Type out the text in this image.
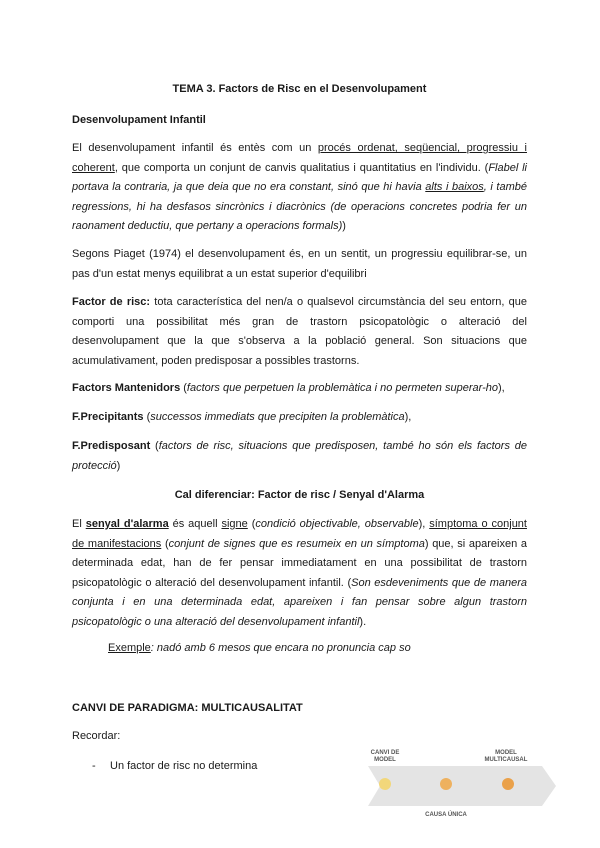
TEMA 3. Factors de Risc en el Desenvolupament

Desenvolupament Infantil

El desenvolupament infantil és entès com un procés ordenat, seqüencial, progressiu i coherent, que comporta un conjunt de canvis qualitatius i quantitatius en l'individu. (Flabel li portava la contraria, ja que deia que no era constant, sinó que hi havia alts i baixos, i també regressions, hi ha desfasos sincrònics i diacrònics (de operacions concretes podria fer un raonament deductiu, que pertany a operacions formals))

Segons Piaget (1974) el desenvolupament és, en un sentit, un progressiu equilibrar-se, un pas d'un estat menys equilibrat a un estat superior d'equilibri

Factor de risc: tota característica del nen/a o qualsevol circumstància del seu entorn, que comporti una possibilitat més gran de trastorn psicopatològic o alteració del desenvolupament que la que s'observa a la població general. Son situacions que acumulativament, poden predisposar a possibles trastorns.

Factors Mantenidors (factors que perpetuen la problemàtica i no permeten superar-ho),

F.Precipitants (successos immediats que precipiten la problemàtica),

F.Predisposant (factors de risc, situacions que predisposen, també ho són els factors de protecció)

Cal diferenciar: Factor de risc / Senyal d'Alarma

El senyal d'alarma és aquell signe (condició objectivable, observable), símptoma o conjunt de manifestacions (conjunt de signes que es resumeix en un símptoma) que, si apareixen a determinada edat, han de fer pensar immediatament en una possibilitat de trastorn psicopatològic o alteració del desenvolupament infantil. (Son esdeveniments que de manera conjunta i en una determinada edat, apareixen i fan pensar sobre algun trastorn psicopatològic o una alteració del desenvolupament infantil).

Exemple: nadó amb 6 mesos que encara no pronuncia cap so

CANVI DE PARADIGMA: MULTICAUSALITAT

Recordar:

- Un factor de risc no determina
CANVI DE
MODEL
MODEL
MULTICAUSAL
CAUSA ÚNICA
